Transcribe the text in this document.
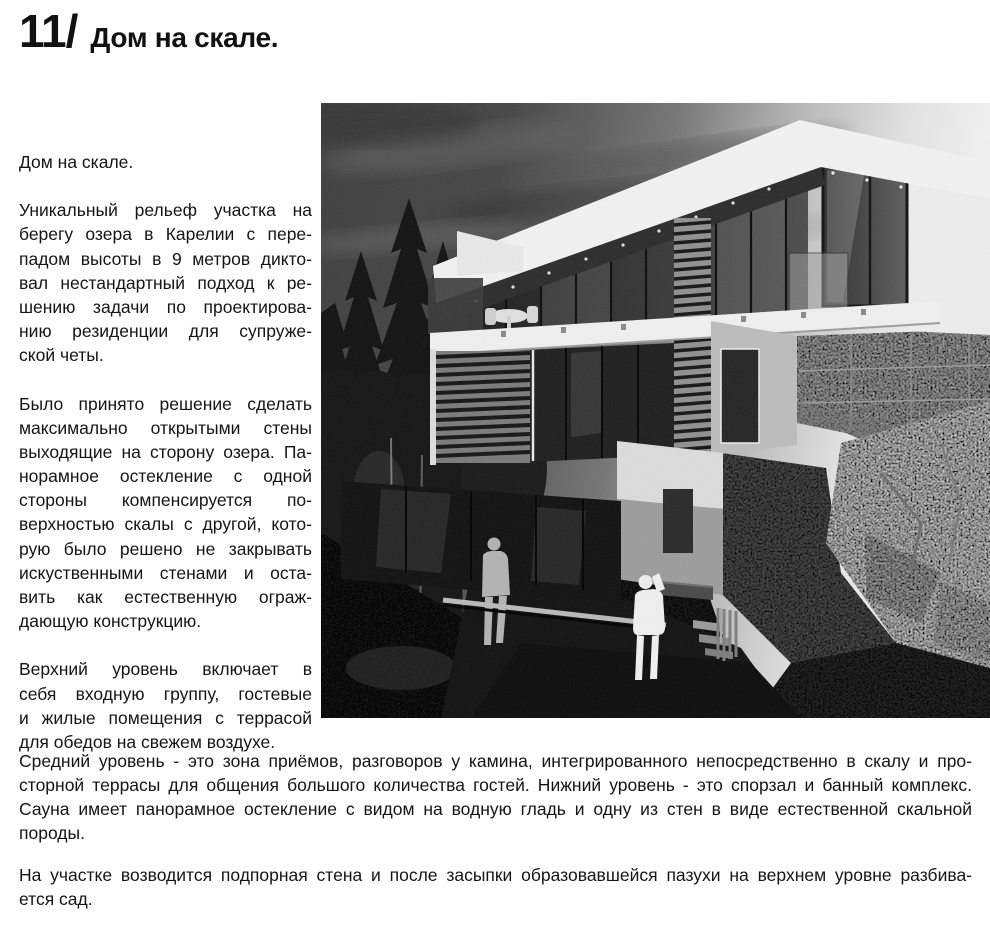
11/ Дом на скале.
Дом на скале.
Уникальный рельеф участка на
берегу озера в Карелии с пере-
падом высоты в 9 метров дикто-
вал нестандартный подход к ре-
шению задачи по проектирова-
нию резиденции для супруже-
ской четы.
Было принято решение сделать
максимально открытыми стены
выходящие на сторону озера. Па-
норамное остекление с одной
стороны компенсируется по-
верхностью скалы с другой, кото-
рую было решено не закрывать
искуственными стенами и оста-
вить как естественную ограж-
дающую конструкцию.
Верхний уровень включает в
себя входную группу, гостевые
и жилые помещения с террасой
для обедов на свежем воздухе.
Средний уровень - это зона приёмов, разговоров у камина, интегрированного непосредственно в скалу и про-
сторной террасы для общения большого количества гостей. Нижний уровень - это спорзал и банный комплекс.
Сауна имеет панорамное остекление с видом на водную гладь и одну из стен в виде естественной скальной
породы.
На участке возводится подпорная стена и после засыпки образовавшейся пазухи на верхнем уровне разбива-
ется сад.
